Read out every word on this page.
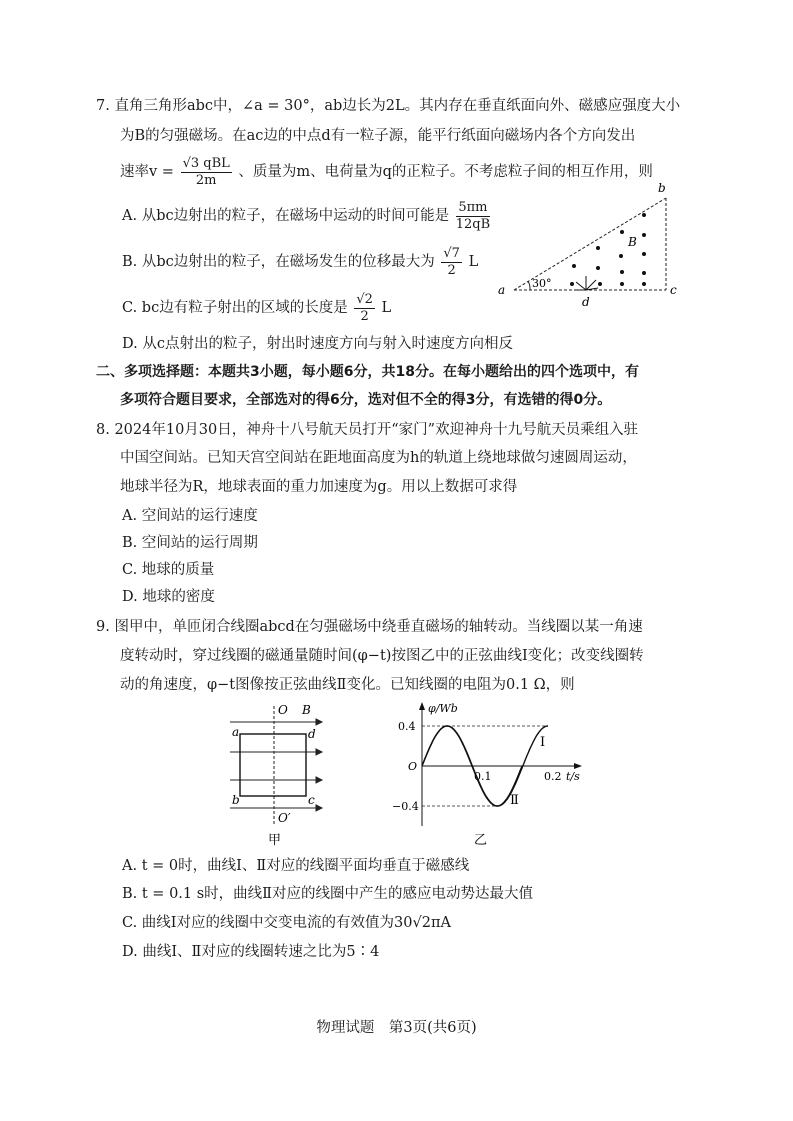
7. 直角三角形abc中，∠a = 30°，ab边长为2L。其内存在垂直纸面向外、磁感应强度大小
为B的匀强磁场。在ac边的中点d有一粒子源，能平行纸面向磁场内各个方向发出
速率$v = \frac{\text{√3 qBL}}{2m}$ 、质量为m、电荷量为q的正粒子。不考虑粒子间的相互作用，则
A. 从bc边射出的粒子，在磁场中运动的时间可能是 $\frac{5\pi m}{12qB}$
B. 从bc边射出的粒子，在磁场发生的位移最大为 $\frac{√7}{2}$ L
C. bc边有粒子射出的区域的长度是 $\frac{√2}{2}$ L
D. 从c点射出的粒子，射出时速度方向与射入时速度方向相反
a
b
c
d
B
30°
二、多项选择题：本题共3小题，每小题6分，共18分。在每小题给出的四个选项中，有
多项符合题目要求，全部选对的得6分，选对但不全的得3分，有选错的得0分。
8. 2024年10月30日，神舟十八号航天员打开“家门”欢迎神舟十九号航天员乘组入驻
中国空间站。已知天宫空间站在距地面高度为h的轨道上绕地球做匀速圆周运动，
地球半径为R，地球表面的重力加速度为g。用以上数据可求得
A. 空间站的运行速度
B. 空间站的运行周期
C. 地球的质量
D. 地球的密度
9. 图甲中，单匝闭合线圈abcd在匀强磁场中绕垂直磁场的轴转动。当线圈以某一角速
度转动时，穿过线圈的磁通量随时间(φ−t)按图乙中的正弦曲线Ⅰ变化；改变线圈转
动的角速度，φ−t图像按正弦曲线Ⅱ变化。已知线圈的电阻为0.1 Ω，则
O B
a	d
b	c
O′
甲
φ/Wb
0.4
O
−0.4
0.1	0.2 t/s
Ⅰ
Ⅱ
乙
A. t = 0时，曲线Ⅰ、Ⅱ对应的线圈平面均垂直于磁感线
B. t = 0.1 s时，曲线Ⅱ对应的线圈中产生的感应电动势达最大值
C. 曲线Ⅰ对应的线圈中交变电流的有效值为30√2πA
D. 曲线Ⅰ、Ⅱ对应的线圈转速之比为5∶4
物理试题　第3页(共6页)
